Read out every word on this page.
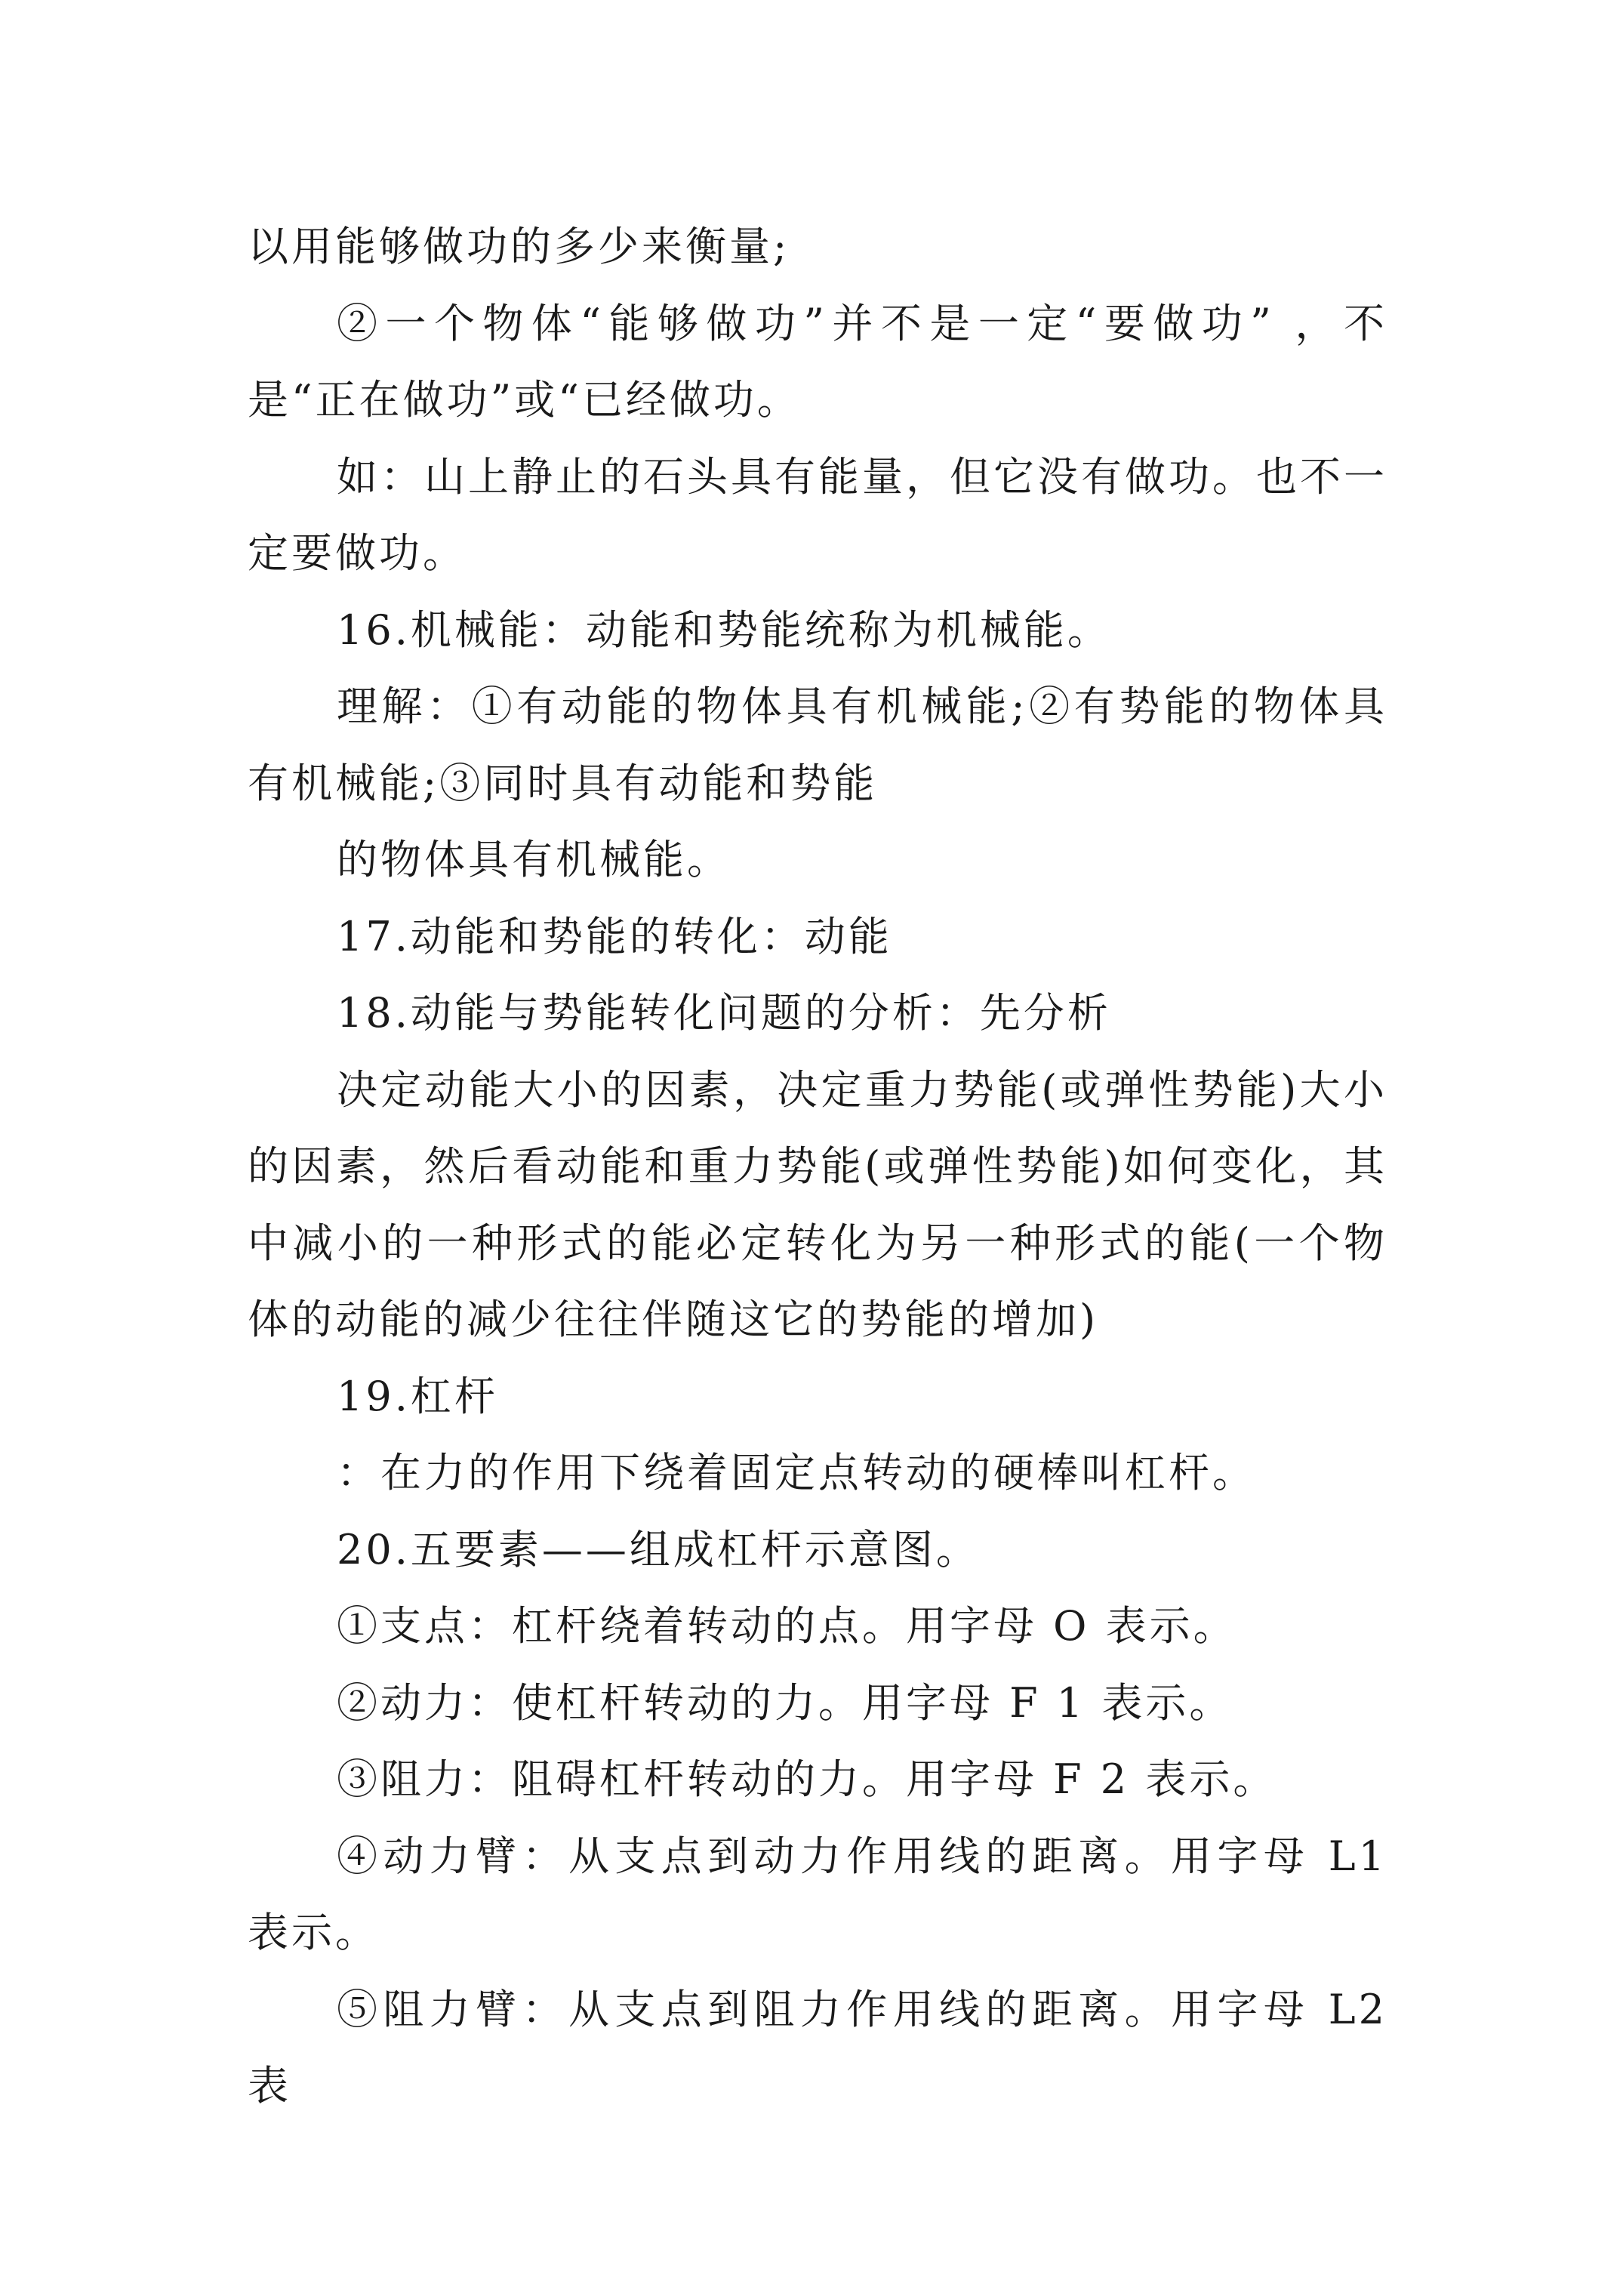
以用能够做功的多少来衡量;

②一个物体“能够做功”并不是一定“要做功” ，不是“正在做功”或“已经做功。

如：山上静止的石头具有能量，但它没有做功。也不一定要做功。

16.机械能：动能和势能统称为机械能。

理解：①有动能的物体具有机械能;②有势能的物体具有机械能;③同时具有动能和势能

的物体具有机械能。

17.动能和势能的转化：动能

18.动能与势能转化问题的分析：先分析

决定动能大小的因素，决定重力势能(或弹性势能)大小的因素，然后看动能和重力势能(或弹性势能)如何变化，其中减小的一种形式的能必定转化为另一种形式的能(一个物体的动能的减少往往伴随这它的势能的增加)

19.杠杆

：在力的作用下绕着固定点转动的硬棒叫杠杆。

20.五要素——组成杠杆示意图。

①支点：杠杆绕着转动的点。用字母 O 表示。

②动力：使杠杆转动的力。用字母 F 1 表示。

③阻力：阻碍杠杆转动的力。用字母 F 2 表示。

④动力臂：从支点到动力作用线的距离。用字母 L1 表示。

⑤阻力臂：从支点到阻力作用线的距离。用字母 L2 表
